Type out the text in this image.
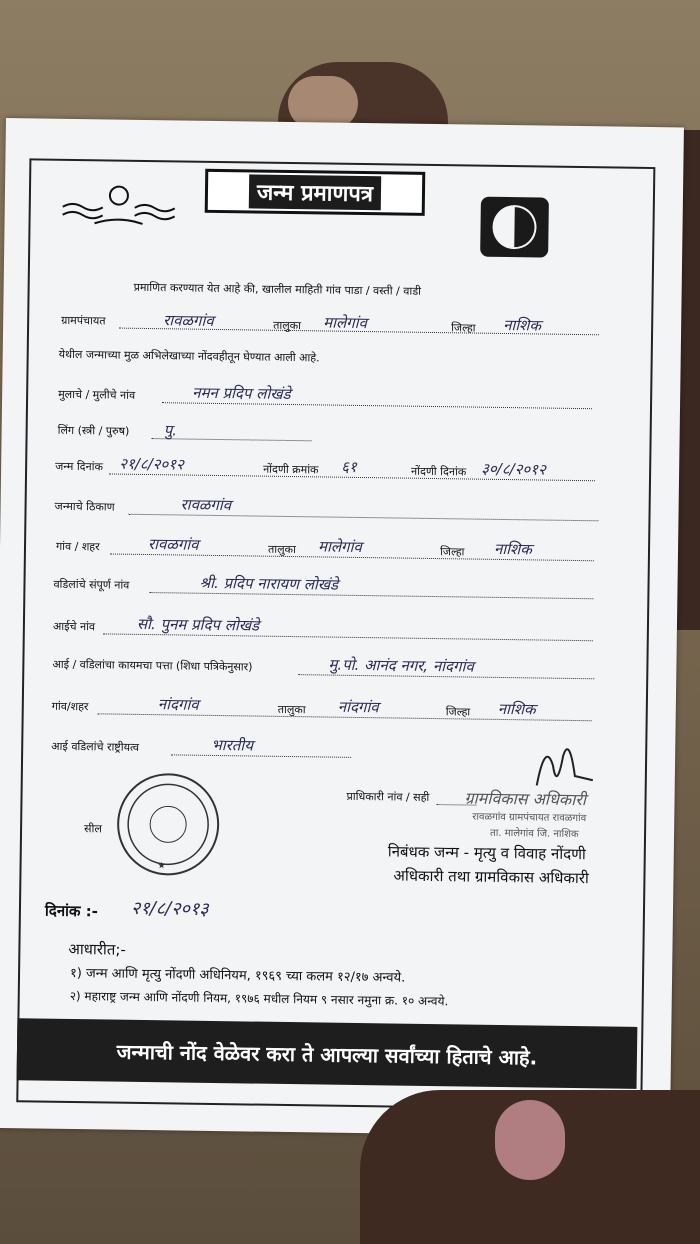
जन्म प्रमाणपत्र
प्रमाणित करण्यात येत आहे की, खालील माहिती गांव पाडा / वस्ती / वाडी
ग्रामपंचायत	रावळगांव	तालुका मालेगांव	जिल्हा नाशिक
येथील जन्माच्या मुळ अभिलेखाच्या नोंदवहीतून घेण्यात आली आहे.
मुलाचे / मुलीचे नांव	नमन प्रदिप लोखंडे
लिंग (स्त्री / पुरुष) पु.
जन्म दिनांक २१/८/२०१२	नोंदणी क्रमांक ६१	नोंदणी दिनांक ३०/८/२०१२
जन्माचे ठिकाण	रावळगांव
गांव / शहर	रावळगांव	तालुका मालेगांव	जिल्हा नाशिक
वडिलांचे संपूर्ण नांव	श्री. प्रदिप नारायण लोखंडे
आईचे नांव	सौ. पुनम प्रदिप लोखंडे
आई / वडिलांचा कायमचा पत्ता (शिधा पत्रिकेनुसार)	मु.पो. आनंद नगर, नांदगांव
गांव/शहर	नांदगांव	तालुका नांदगांव	जिल्हा नाशिक
आई वडिलांचे राष्ट्रीयत्व	भारतीय
प्राधिकारी नांव / सही ग्रामविकास अधिकारी
रावळगांव ग्रामपंचायत रावळगांव
ता. मालेगांव जि. नाशिक
सील
★
निबंधक जन्म - मृत्यु व विवाह नोंदणी
अधिकारी तथा ग्रामविकास अधिकारी
दिनांक :- २१/८/२०१३
आधारीत;-
१) जन्म आणि मृत्यु नोंदणी अधिनियम, १९६९ च्या कलम १२/१७ अन्वये.
२) महाराष्ट्र जन्म आणि नोंदणी नियम, १९७६ मधील नियम ९ नसार नमुना क्र. १० अन्वये.
जन्माची नोंद वेळेवर करा ते आपल्या सर्वांच्या हिताचे आहे.
